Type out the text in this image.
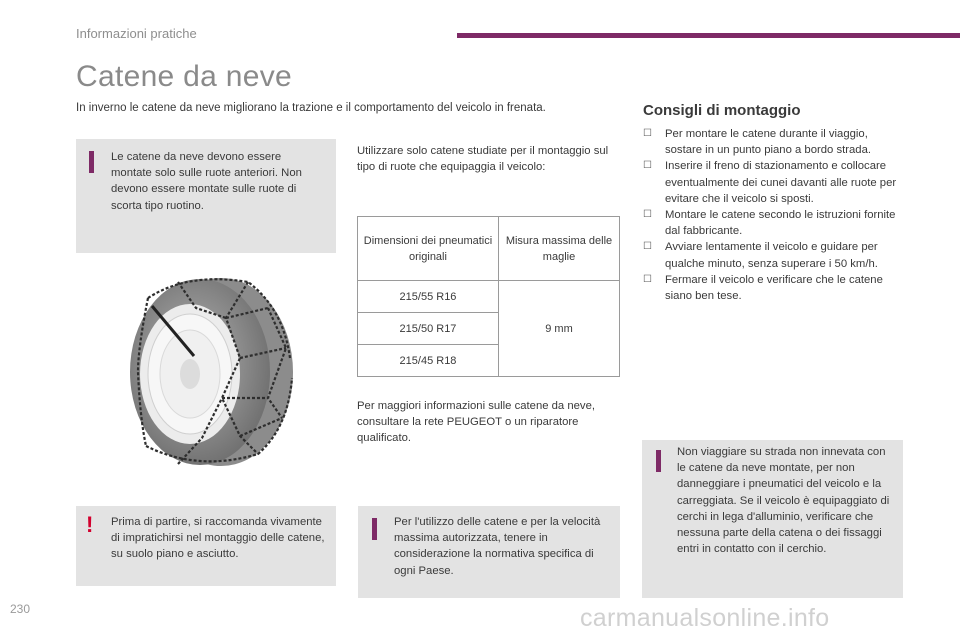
Informazioni pratiche
Catene da neve
In inverno le catene da neve migliorano la trazione e il comportamento del veicolo in frenata.
Le catene da neve devono essere montate solo sulle ruote anteriori. Non devono essere montate sulle ruote di scorta tipo ruotino.
! Prima di partire, si raccomanda vivamente di impratichirsi nel montaggio delle catene, su suolo piano e asciutto.
Utilizzare solo catene studiate per il montaggio sul tipo di ruote che equipaggia il veicolo:
Dimensioni dei pneumatici originali	Misura massima delle maglie
215/55 R16	9 mm
215/50 R17	
215/45 R18	
Per maggiori informazioni sulle catene da neve, consultare la rete PEUGEOT o un riparatore qualificato.
Per l'utilizzo delle catene e per la velocità massima autorizzata, tenere in considerazione la normativa specifica di ogni Paese.
Consigli di montaggio
☐ Per montare le catene durante il viaggio, sostare in un punto piano a bordo strada.
☐ Inserire il freno di stazionamento e collocare eventualmente dei cunei davanti alle ruote per evitare che il veicolo si sposti.
☐ Montare le catene secondo le istruzioni fornite dal fabbricante.
☐ Avviare lentamente il veicolo e guidare per qualche minuto, senza superare i 50 km/h.
☐ Fermare il veicolo e verificare che le catene siano ben tese.
Non viaggiare su strada non innevata con le catene da neve montate, per non danneggiare i pneumatici del veicolo e la carreggiata. Se il veicolo è equipaggiato di cerchi in lega d'alluminio, verificare che nessuna parte della catena o dei fissaggi entri in contatto con il cerchio.
230	carmanualsonline.info
